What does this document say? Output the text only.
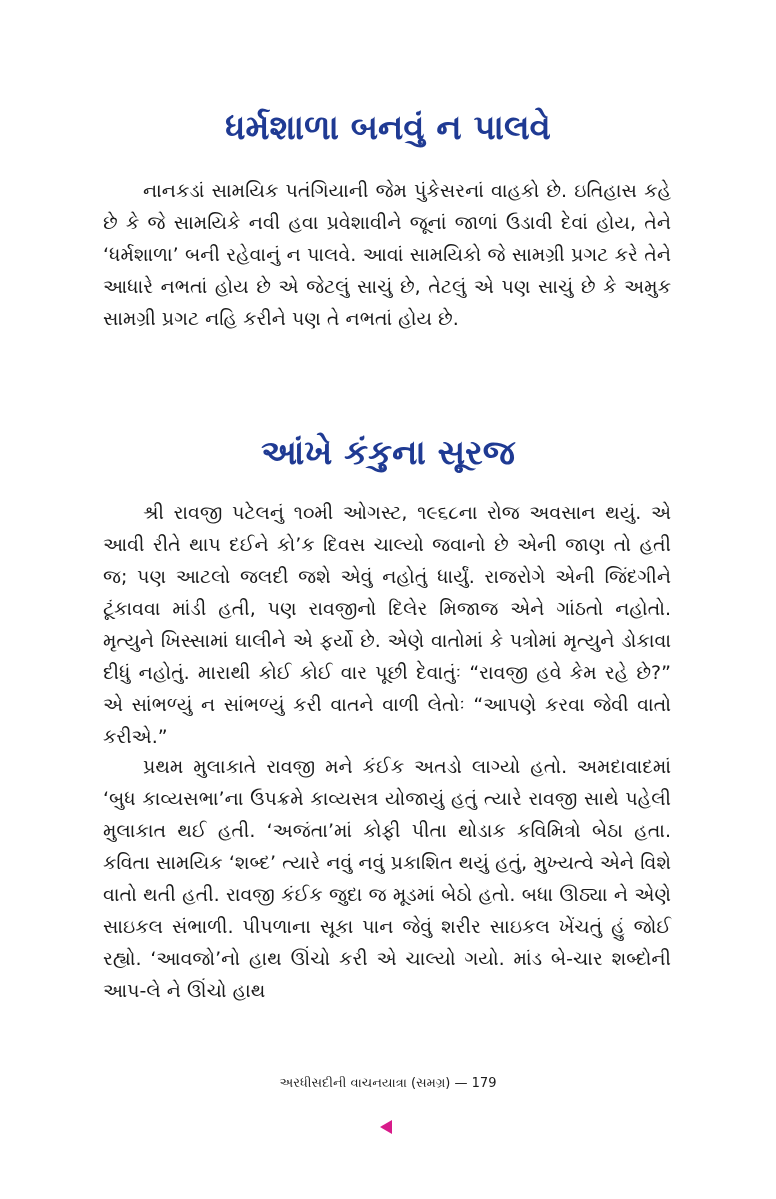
ધર્મશાળા બનવું ન પાલવે

નાનકડાં સામયિક પતંગિયાની જેમ પુંકેસરનાં વાહકો છે. ઇતિહાસ કહે છે કે જે સામયિકે નવી હવા પ્રવેશાવીને જૂનાં જાળાં ઉડાવી દેવાં હોય, તેને ‘ધર્મશાળા’ બની રહેવાનું ન પાલવે. આવાં સામયિકો જે સામગ્રી પ્રગટ કરે તેને આધારે નભતાં હોય છે એ જેટલું સાચું છે, તેટલું એ પણ સાચું છે કે અમુક સામગ્રી પ્રગટ નહિ કરીને પણ તે નભતાં હોય છે.

આંખે કંકુના સૂરજ

શ્રી રાવજી પટેલનું ૧૦મી ઓગસ્ટ, ૧૯૬૮ના રોજ અવસાન થયું. એ આવી રીતે થાપ દઈને કો’ક દિવસ ચાલ્યો જવાનો છે એની જાણ તો હતી જ; પણ આટલો જલદી જશે એવું નહોતું ધાર્યું. રાજરોગે એની જિંદગીને ટૂંકાવવા માંડી હતી, પણ રાવજીનો દિલેર મિજાજ એને ગાંઠતો નહોતો. મૃત્યુને ખિસ્સામાં ઘાલીને એ ફર્યો છે. એણે વાતોમાં કે પત્રોમાં મૃત્યુને ડોકાવા દીધું નહોતું. મારાથી કોઈ કોઈ વાર પૂછી દેવાતુંઃ “રાવજી હવે કેમ રહે છે?” એ સાંભળ્યું ન સાંભળ્યું કરી વાતને વાળી લેતોઃ “આપણે કરવા જેવી વાતો કરીએ.”

પ્રથમ મુલાકાતે રાવજી મને કંઈક અતડો લાગ્યો હતો. અમદાવાદમાં ‘બુધ કાવ્યસભા’ના ઉપક્રમે કાવ્યસત્ર યોજાયું હતું ત્યારે રાવજી સાથે પહેલી મુલાકાત થઈ હતી. ‘અજંતા’માં કોફી પીતા થોડાક કવિમિત્રો બેઠા હતા. કવિતા સામયિક ‘શબ્દ’ ત્યારે નવું નવું પ્રકાશિત થયું હતું, મુખ્યત્વે એને વિશે વાતો થતી હતી. રાવજી કંઈક જુદા જ મૂડમાં બેઠો હતો. બધા ઊઠ્યા ને એણે સાઇકલ સંભાળી. પીપળાના સૂકા પાન જેવું શરીર સાઇકલ ખેંચતું હું જોઈ રહ્યો. ‘આવજો’નો હાથ ઊંચો કરી એ ચાલ્યો ગયો. માંડ બે-ચાર શબ્દોની આપ-લે ને ઊંચો હાથ

અરધીસદીની વાચનયાત્રા (સમગ્ર) — 179
